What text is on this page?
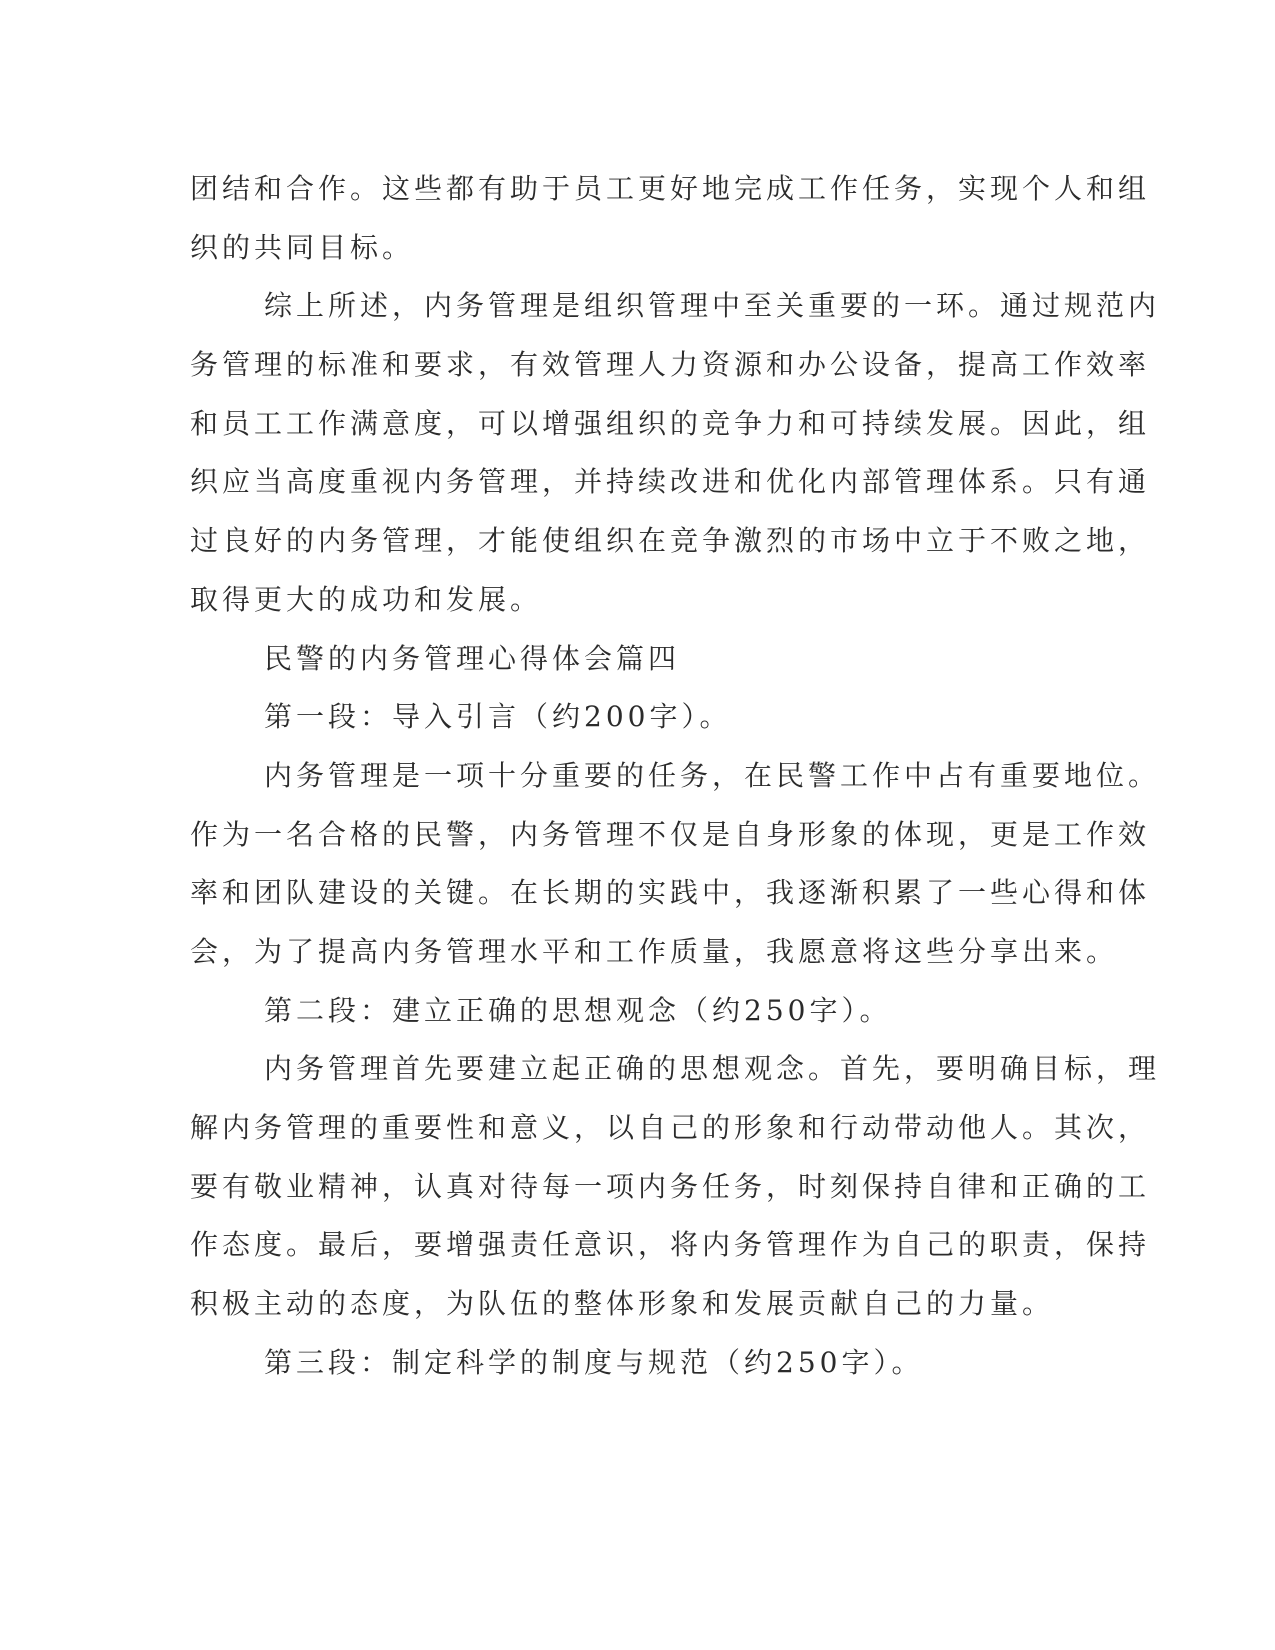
团结和合作。这些都有助于员工更好地完成工作任务，实现个人和组
织的共同目标。
综上所述，内务管理是组织管理中至关重要的一环。通过规范内
务管理的标准和要求，有效管理人力资源和办公设备，提高工作效率
和员工工作满意度，可以增强组织的竞争力和可持续发展。因此，组
织应当高度重视内务管理，并持续改进和优化内部管理体系。只有通
过良好的内务管理，才能使组织在竞争激烈的市场中立于不败之地，
取得更大的成功和发展。
民警的内务管理心得体会篇四
第一段：导入引言（约200字）。
内务管理是一项十分重要的任务，在民警工作中占有重要地位。
作为一名合格的民警，内务管理不仅是自身形象的体现，更是工作效
率和团队建设的关键。在长期的实践中，我逐渐积累了一些心得和体
会，为了提高内务管理水平和工作质量，我愿意将这些分享出来。
第二段：建立正确的思想观念（约250字）。
内务管理首先要建立起正确的思想观念。首先，要明确目标，理
解内务管理的重要性和意义，以自己的形象和行动带动他人。其次，
要有敬业精神，认真对待每一项内务任务，时刻保持自律和正确的工
作态度。最后，要增强责任意识，将内务管理作为自己的职责，保持
积极主动的态度，为队伍的整体形象和发展贡献自己的力量。
第三段：制定科学的制度与规范（约250字）。
